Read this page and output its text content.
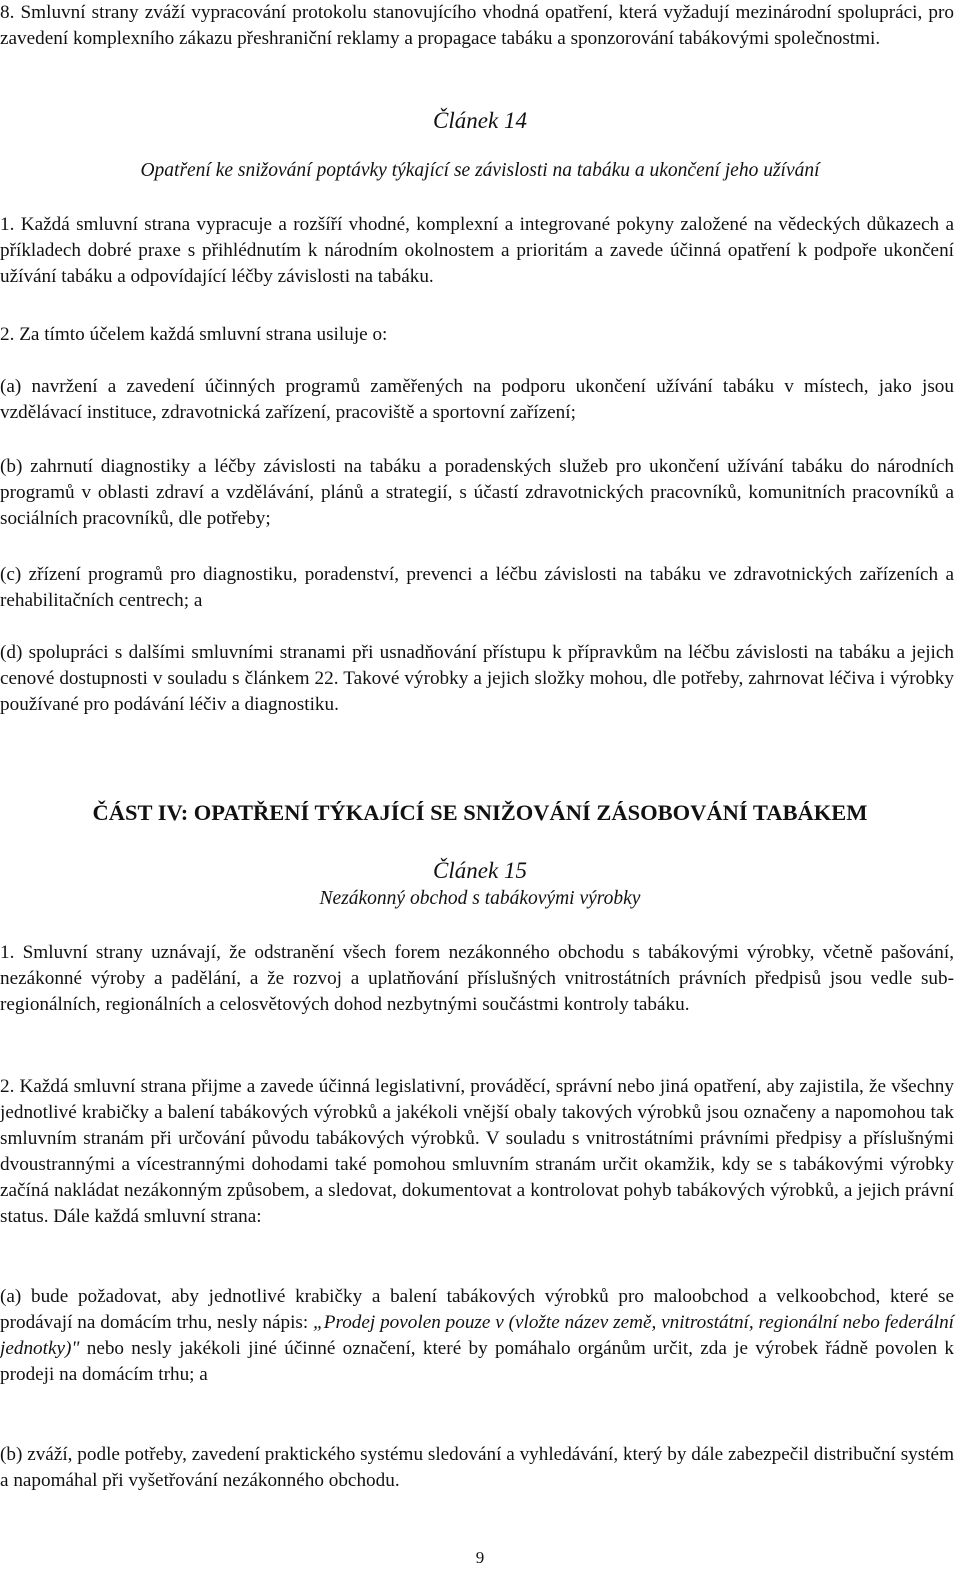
8. Smluvní strany zváží vypracování protokolu stanovujícího vhodná opatření, která vyžadují mezinárodní spolupráci, pro zavedení komplexního zákazu přeshraniční reklamy a propagace tabáku a sponzorování tabákovými společnostmi.

Článek 14

Opatření ke snižování poptávky týkající se závislosti na tabáku a ukončení jeho užívání

1. Každá smluvní strana vypracuje a rozšíří vhodné, komplexní a integrované pokyny založené na vědeckých důkazech a příkladech dobré praxe s přihlédnutím k národním okolnostem a prioritám a zavede účinná opatření k podpoře ukončení užívání tabáku a odpovídající léčby závislosti na tabáku.

2. Za tímto účelem každá smluvní strana usiluje o:

(a) navržení a zavedení účinných programů zaměřených na podporu ukončení užívání tabáku v místech, jako jsou vzdělávací instituce, zdravotnická zařízení, pracoviště a sportovní zařízení;

(b) zahrnutí diagnostiky a léčby závislosti na tabáku a poradenských služeb pro ukončení užívání tabáku do národních programů v oblasti zdraví a vzdělávání, plánů a strategií, s účastí zdravotnických pracovníků, komunitních pracovníků a sociálních pracovníků, dle potřeby;

(c) zřízení programů pro diagnostiku, poradenství, prevenci a léčbu závislosti na tabáku ve zdravotnických zařízeních a rehabilitačních centrech; a

(d) spolupráci s dalšími smluvními stranami při usnadňování přístupu k přípravkům na léčbu závislosti na tabáku a jejich cenové dostupnosti v souladu s článkem 22. Takové výrobky a jejich složky mohou, dle potřeby, zahrnovat léčiva i výrobky používané pro podávání léčiv a diagnostiku.

ČÁST IV: OPATŘENÍ TÝKAJÍCÍ SE SNIŽOVÁNÍ ZÁSOBOVÁNÍ TABÁKEM

Článek 15

Nezákonný obchod s tabákovými výrobky

1. Smluvní strany uznávají, že odstranění všech forem nezákonného obchodu s tabákovými výrobky, včetně pašování, nezákonné výroby a padělání, a že rozvoj a uplatňování příslušných vnitrostátních právních předpisů jsou vedle sub-regionálních, regionálních a celosvětových dohod nezbytnými součástmi kontroly tabáku.

2. Každá smluvní strana přijme a zavede účinná legislativní, prováděcí, správní nebo jiná opatření, aby zajistila, že všechny jednotlivé krabičky a balení tabákových výrobků a jakékoli vnější obaly takových výrobků jsou označeny a napomohou tak smluvním stranám při určování původu tabákových výrobků. V souladu s vnitrostátními právními předpisy a příslušnými dvoustrannými a vícestrannými dohodami také pomohou smluvním stranám určit okamžik, kdy se s tabákovými výrobky začíná nakládat nezákonným způsobem, a sledovat, dokumentovat a kontrolovat pohyb tabákových výrobků, a jejich právní status. Dále každá smluvní strana:

(a) bude požadovat, aby jednotlivé krabičky a balení tabákových výrobků pro maloobchod a velkoobchod, které se prodávají na domácím trhu, nesly nápis: „Prodej povolen pouze v (vložte název země, vnitrostátní, regionální nebo federální jednotky)" nebo nesly jakékoli jiné účinné označení, které by pomáhalo orgánům určit, zda je výrobek řádně povolen k prodeji na domácím trhu; a

(b) zváží, podle potřeby, zavedení praktického systému sledování a vyhledávání, který by dále zabezpečil distribuční systém a napomáhal při vyšetřování nezákonného obchodu.

9
